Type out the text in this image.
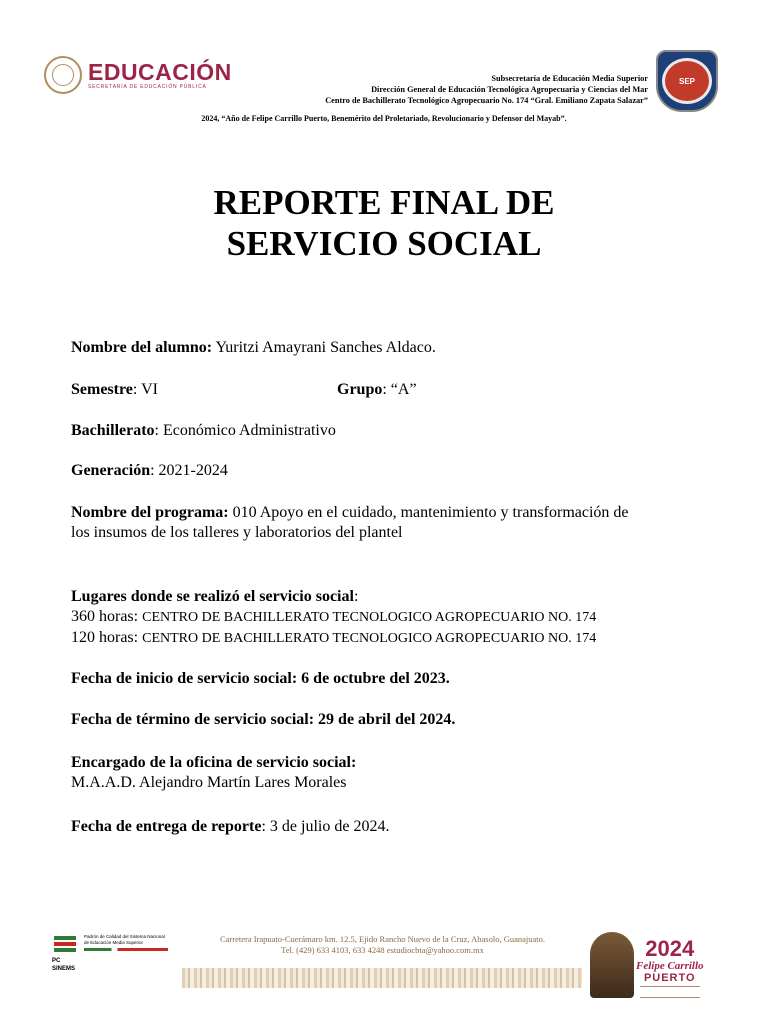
EDUCACIÓN
SECRETARÍA DE EDUCACIÓN PÚBLICA
Subsecretaría de Educación Media Superior
Dirección General de Educación Tecnológica Agropecuaria y Ciencias del Mar
Centro de Bachillerato Tecnológico Agropecuario No. 174 “Gral. Emiliano Zapata Salazar”
SEP
2024, “Año de Felipe Carrillo Puerto, Benemérito del Proletariado, Revolucionario y Defensor del Mayab”.
REPORTE FINAL DE
SERVICIO SOCIAL
Nombre del alumno: Yuritzi Amayrani Sanches Aldaco.
Semestre: VI	Grupo: “A”
Bachillerato: Económico Administrativo
Generación: 2021-2024
Nombre del programa: 010 Apoyo en el cuidado, mantenimiento y transformación de
los insumos de los talleres y laboratorios del plantel
Lugares donde se realizó el servicio social:
360 horas: CENTRO DE BACHILLERATO TECNOLOGICO AGROPECUARIO NO. 174
120 horas: CENTRO DE BACHILLERATO TECNOLOGICO AGROPECUARIO NO. 174
Fecha de inicio de servicio social: 6 de octubre del 2023.
Fecha de término de servicio social: 29 de abril del 2024.
Encargado de la oficina de servicio social:
M.A.A.D. Alejandro Martín Lares Morales
Fecha de entrega de reporte: 3 de julio de 2024.
PC
SINEMS
Padrón de Calidad del Sistema Nacional de Educación Media Superior	Carretera Irapuato-Cuerámaro km. 12.5, Ejido Rancho Nuevo de la Cruz, Abasolo, Guanajuato.
Tel. (429) 633 4103, 633 4248 estudiocbta@yahoo.com.mx	2024
Felipe Carrillo
PUERTO
